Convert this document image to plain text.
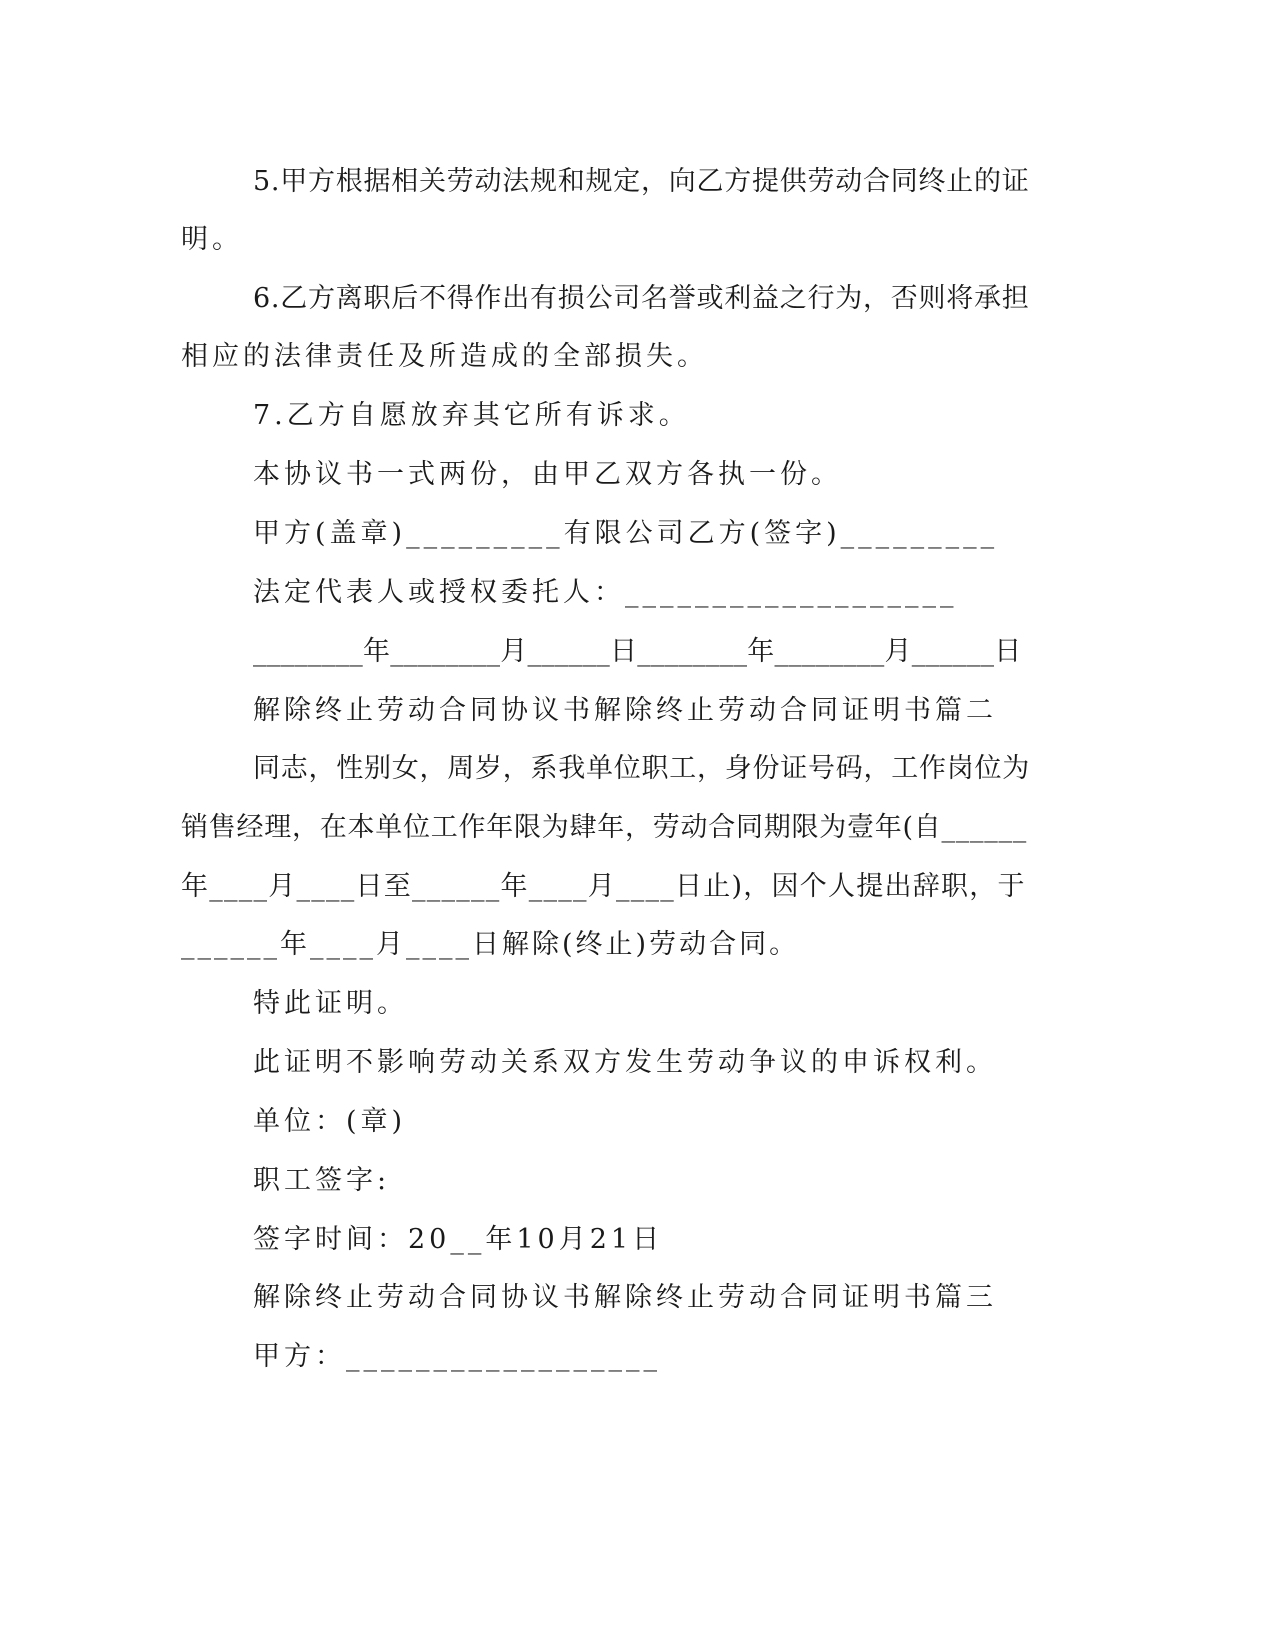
5.甲方根据相关劳动法规和规定，向乙方提供劳动合同终止的证

明。

6.乙方离职后不得作出有损公司名誉或利益之行为，否则将承担

相应的法律责任及所造成的全部损失。

7.乙方自愿放弃其它所有诉求。

本协议书一式两份，由甲乙双方各执一份。

甲方(盖章)_________有限公司乙方(签字)_________

法定代表人或授权委托人：___________________

________年________月______日________年________月______日

解除终止劳动合同协议书解除终止劳动合同证明书篇二

同志，性别女，周岁，系我单位职工，身份证号码，工作岗位为

销售经理，在本单位工作年限为肆年，劳动合同期限为壹年(自______

年____月____日至______年____月____日止)，因个人提出辞职，于

______年____月____日解除(终止)劳动合同。

特此证明。

此证明不影响劳动关系双方发生劳动争议的申诉权利。

单位：(章)

职工签字:

签字时间：20__年10月21日

解除终止劳动合同协议书解除终止劳动合同证明书篇三

甲方：__________________
